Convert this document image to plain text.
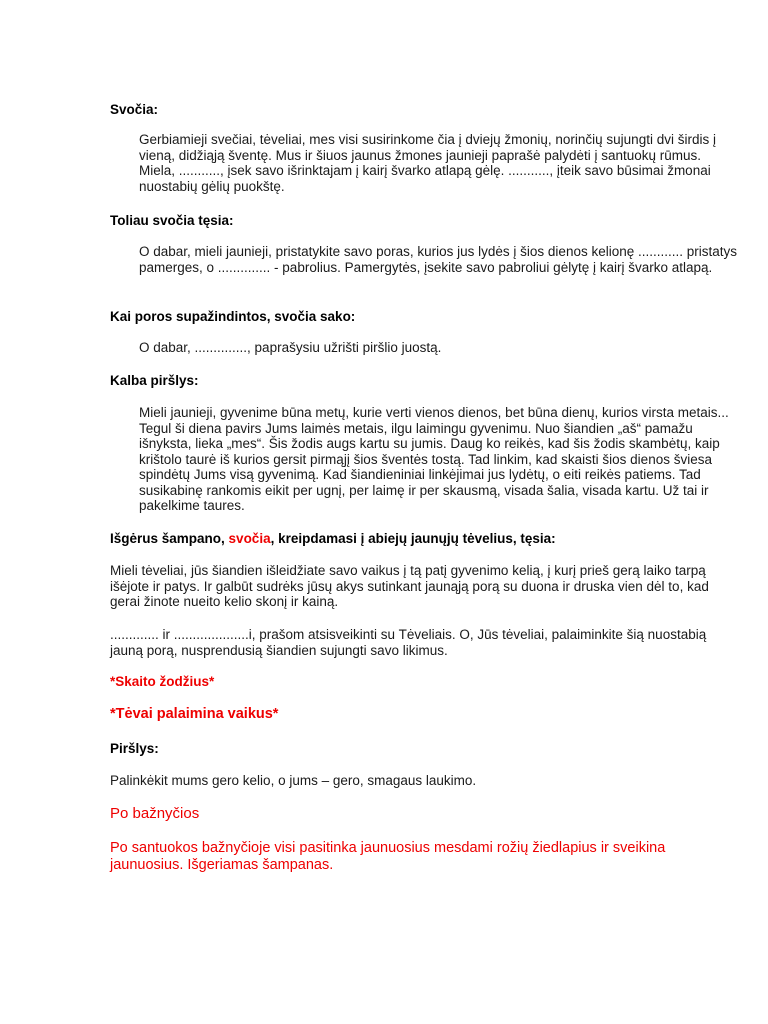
Svočia:
Gerbiamieji svečiai, tėveliai, mes visi susirinkome čia į dviejų žmonių, norinčių sujungti dvi širdis į vieną, didžiąją šventę. Mus ir šiuos jaunus žmones jaunieji paprašė palydėti į santuokų rūmus. Miela, ..........., įsek savo išrinktajam į kairį švarko atlapą gėlę. ..........., įteik savo būsimai žmonai nuostabių gėlių puokštę.
Toliau svočia tęsia:
O dabar, mieli jaunieji, pristatykite savo poras, kurios jus lydės į šios dienos kelionę ............ pristatys pamerges, o .............. - pabrolius. Pamergytės, įsekite savo pabroliui gėlytę į kairį švarko atlapą.
Kai poros supažindintos, svočia sako:
O dabar, .............., paprašysiu užrišti piršlio juostą.
Kalba piršlys:
Mieli jaunieji, gyvenime būna metų, kurie verti vienos dienos, bet būna dienų, kurios virsta metais... Tegul ši diena pavirs Jums laimės metais, ilgu laimingu gyvenimu. Nuo šiandien „aš“ pamažu išnyksta, lieka „mes“. Šis žodis augs kartu su jumis. Daug ko reikės, kad šis žodis skambėtų, kaip krištolo taurė iš kurios gersit pirmąjį šios šventės tostą. Tad linkim, kad skaisti šios dienos šviesa spindėtų Jums visą gyvenimą. Kad šiandieniniai linkėjimai jus lydėtų, o eiti reikės patiems. Tad susikabinę rankomis eikit per ugnį, per laimę ir per skausmą, visada šalia, visada kartu. Už tai ir pakelkime taures.
Išgėrus šampano, svočia, kreipdamasi į abiejų jaunųjų tėvelius, tęsia:
Mieli tėveliai, jūs šiandien išleidžiate savo vaikus į tą patį gyvenimo kelią, į kurį prieš gerą laiko tarpą išėjote ir patys. Ir galbūt sudrėks jūsų akys sutinkant jaunąją porą su duona ir druska vien dėl to, kad gerai žinote nueito kelio skonį ir kainą.
............. ir ....................i, prašom atsisveikinti su Tėveliais. O, Jūs tėveliai, palaiminkite šią nuostabią jauną porą, nusprendusią šiandien sujungti savo likimus.
*Skaito žodžius*
*Tėvai palaimina vaikus*
Piršlys:
Palinkėkit mums gero kelio, o jums – gero, smagaus laukimo.
Po bažnyčios
Po santuokos bažnyčioje visi pasitinka jaunuosius mesdami rožių žiedlapius ir sveikina jaunuosius. Išgeriamas šampanas.
